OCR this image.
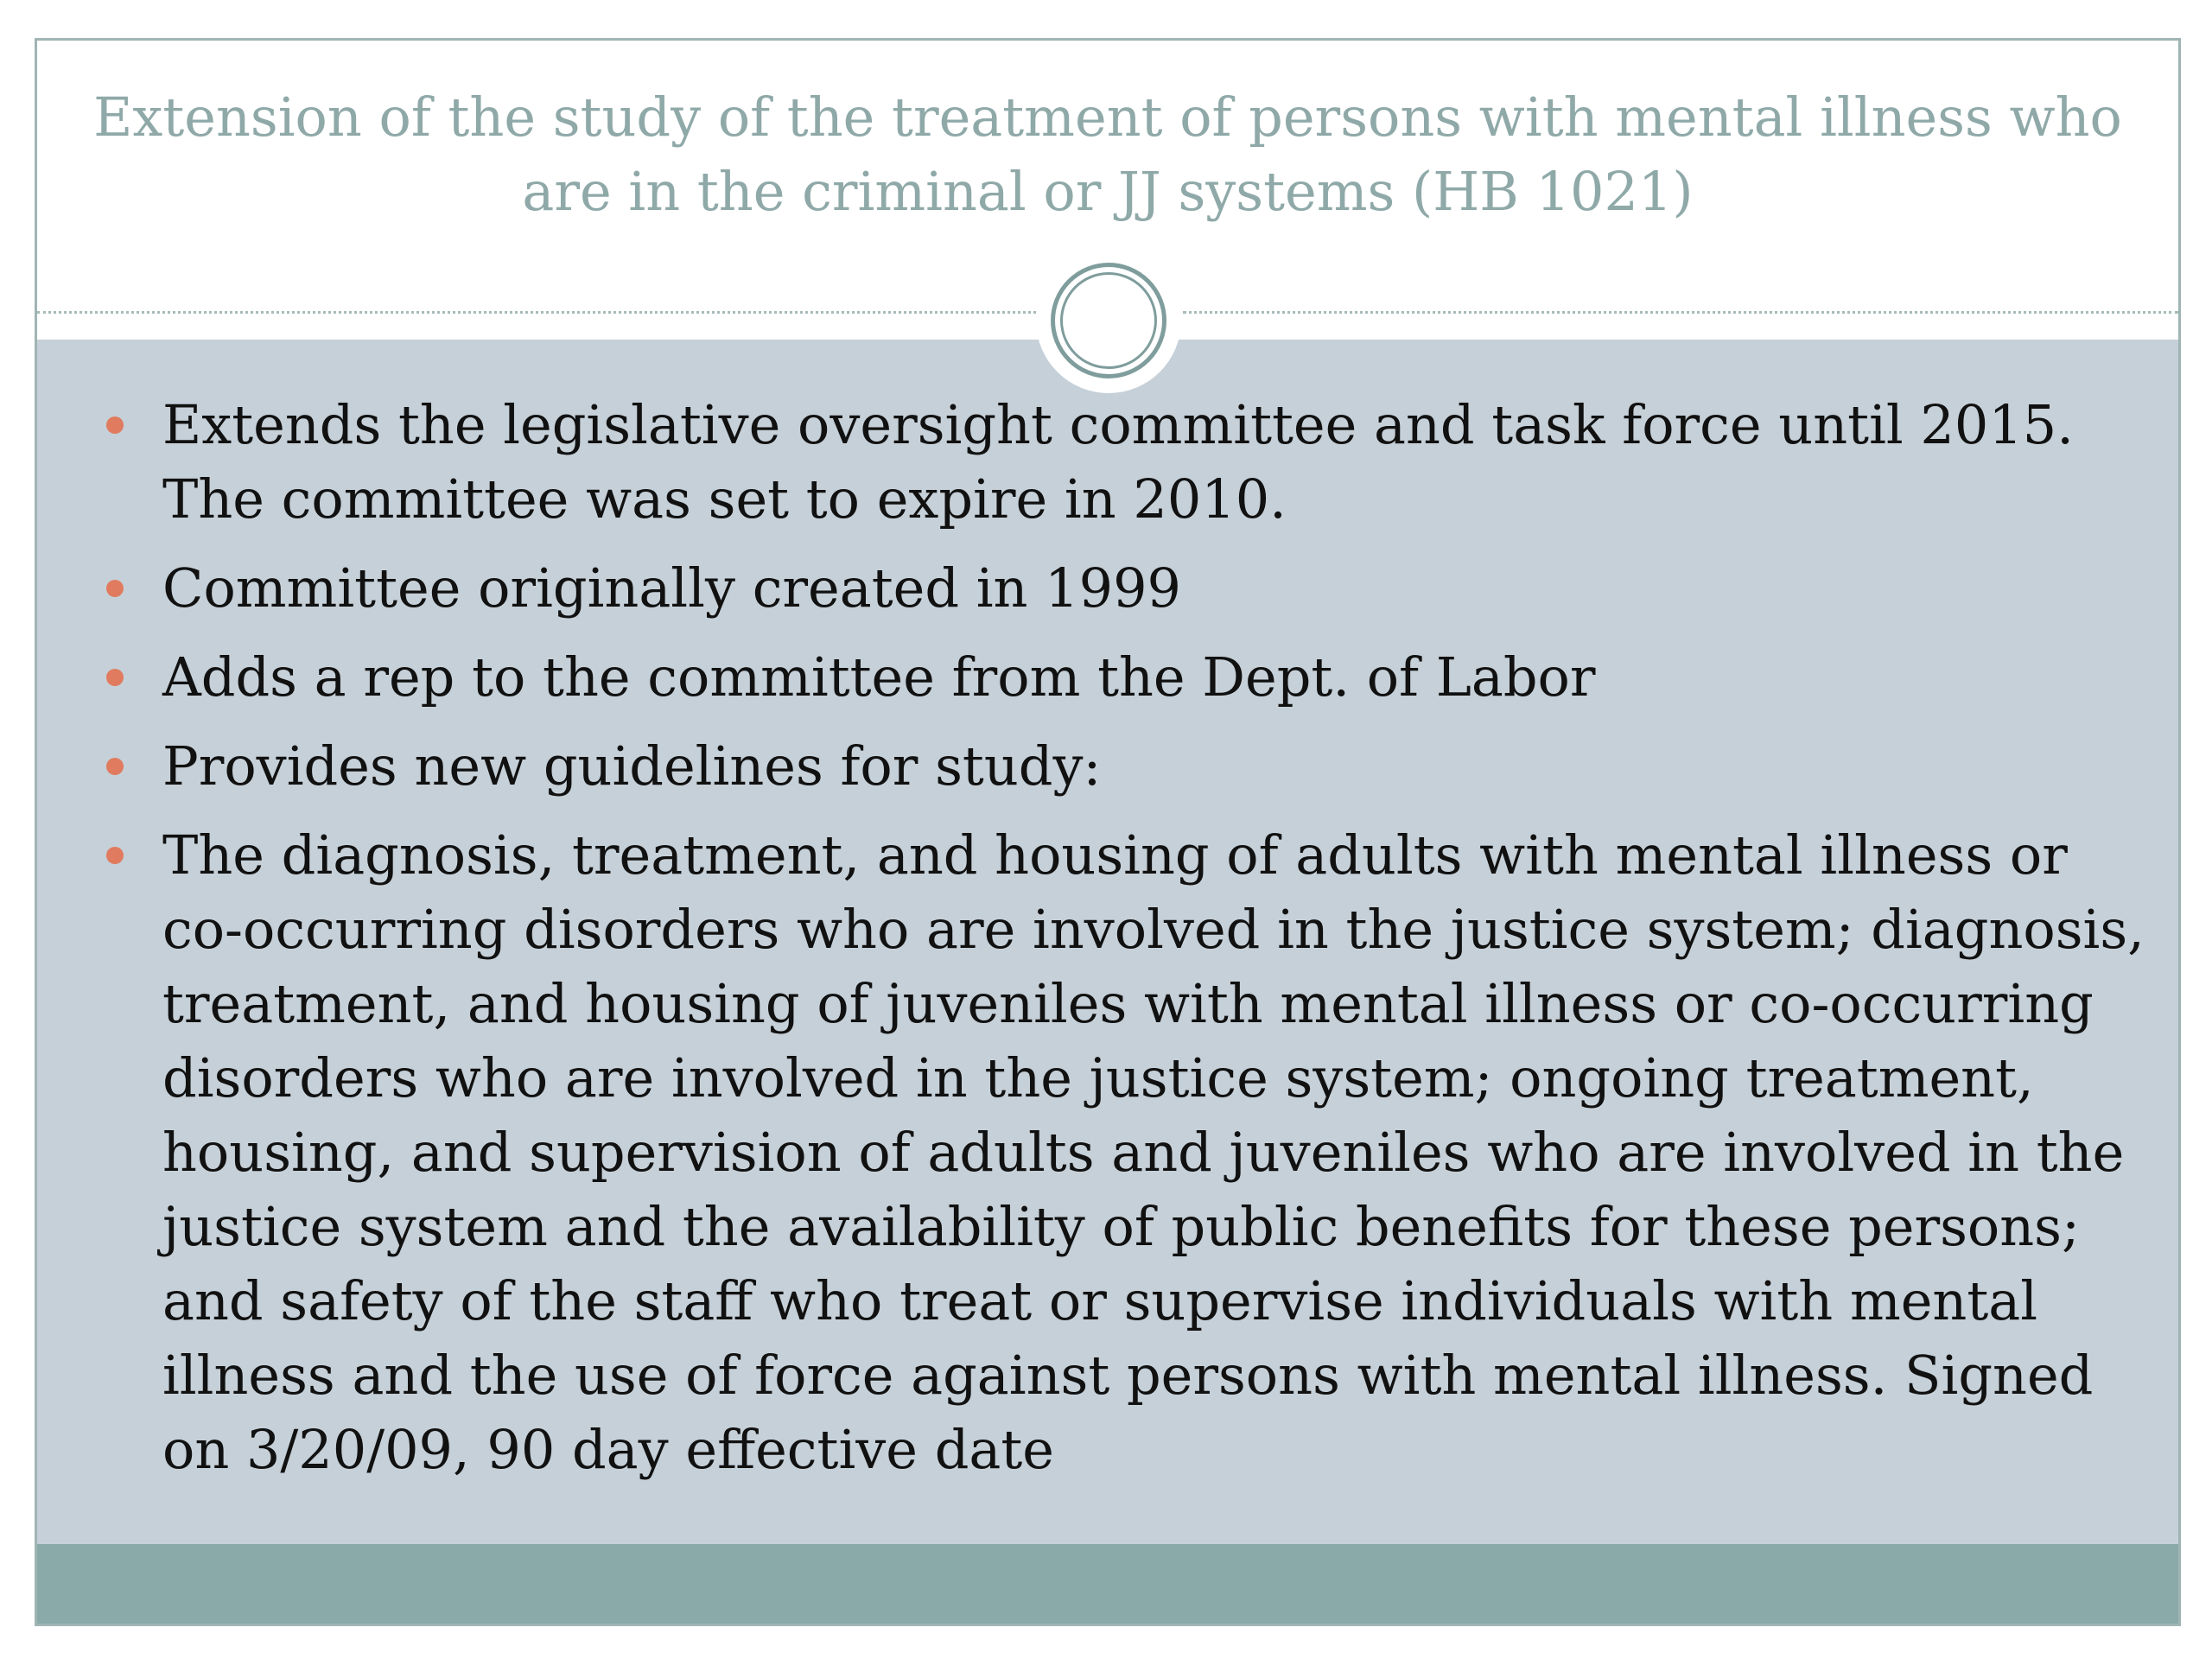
Extension of the study of the treatment of persons with mental illness who are in the criminal or JJ systems (HB 1021)
Extends the legislative oversight committee and task force until 2015. The committee was set to expire in 2010.
Committee originally created in 1999
Adds a rep to the committee from the Dept. of Labor
Provides new guidelines for study:
The diagnosis, treatment, and housing of adults with mental illness or co-occurring disorders who are involved in the justice system; diagnosis, treatment, and housing of juveniles with mental illness or co-occurring disorders who are involved in the justice system; ongoing treatment, housing, and supervision of adults and juveniles who are involved in the justice system and the availability of public benefits for these persons; and safety of the staff who treat or supervise individuals with mental illness and the use of force against persons with mental illness. Signed on 3/20/09, 90 day effective date
